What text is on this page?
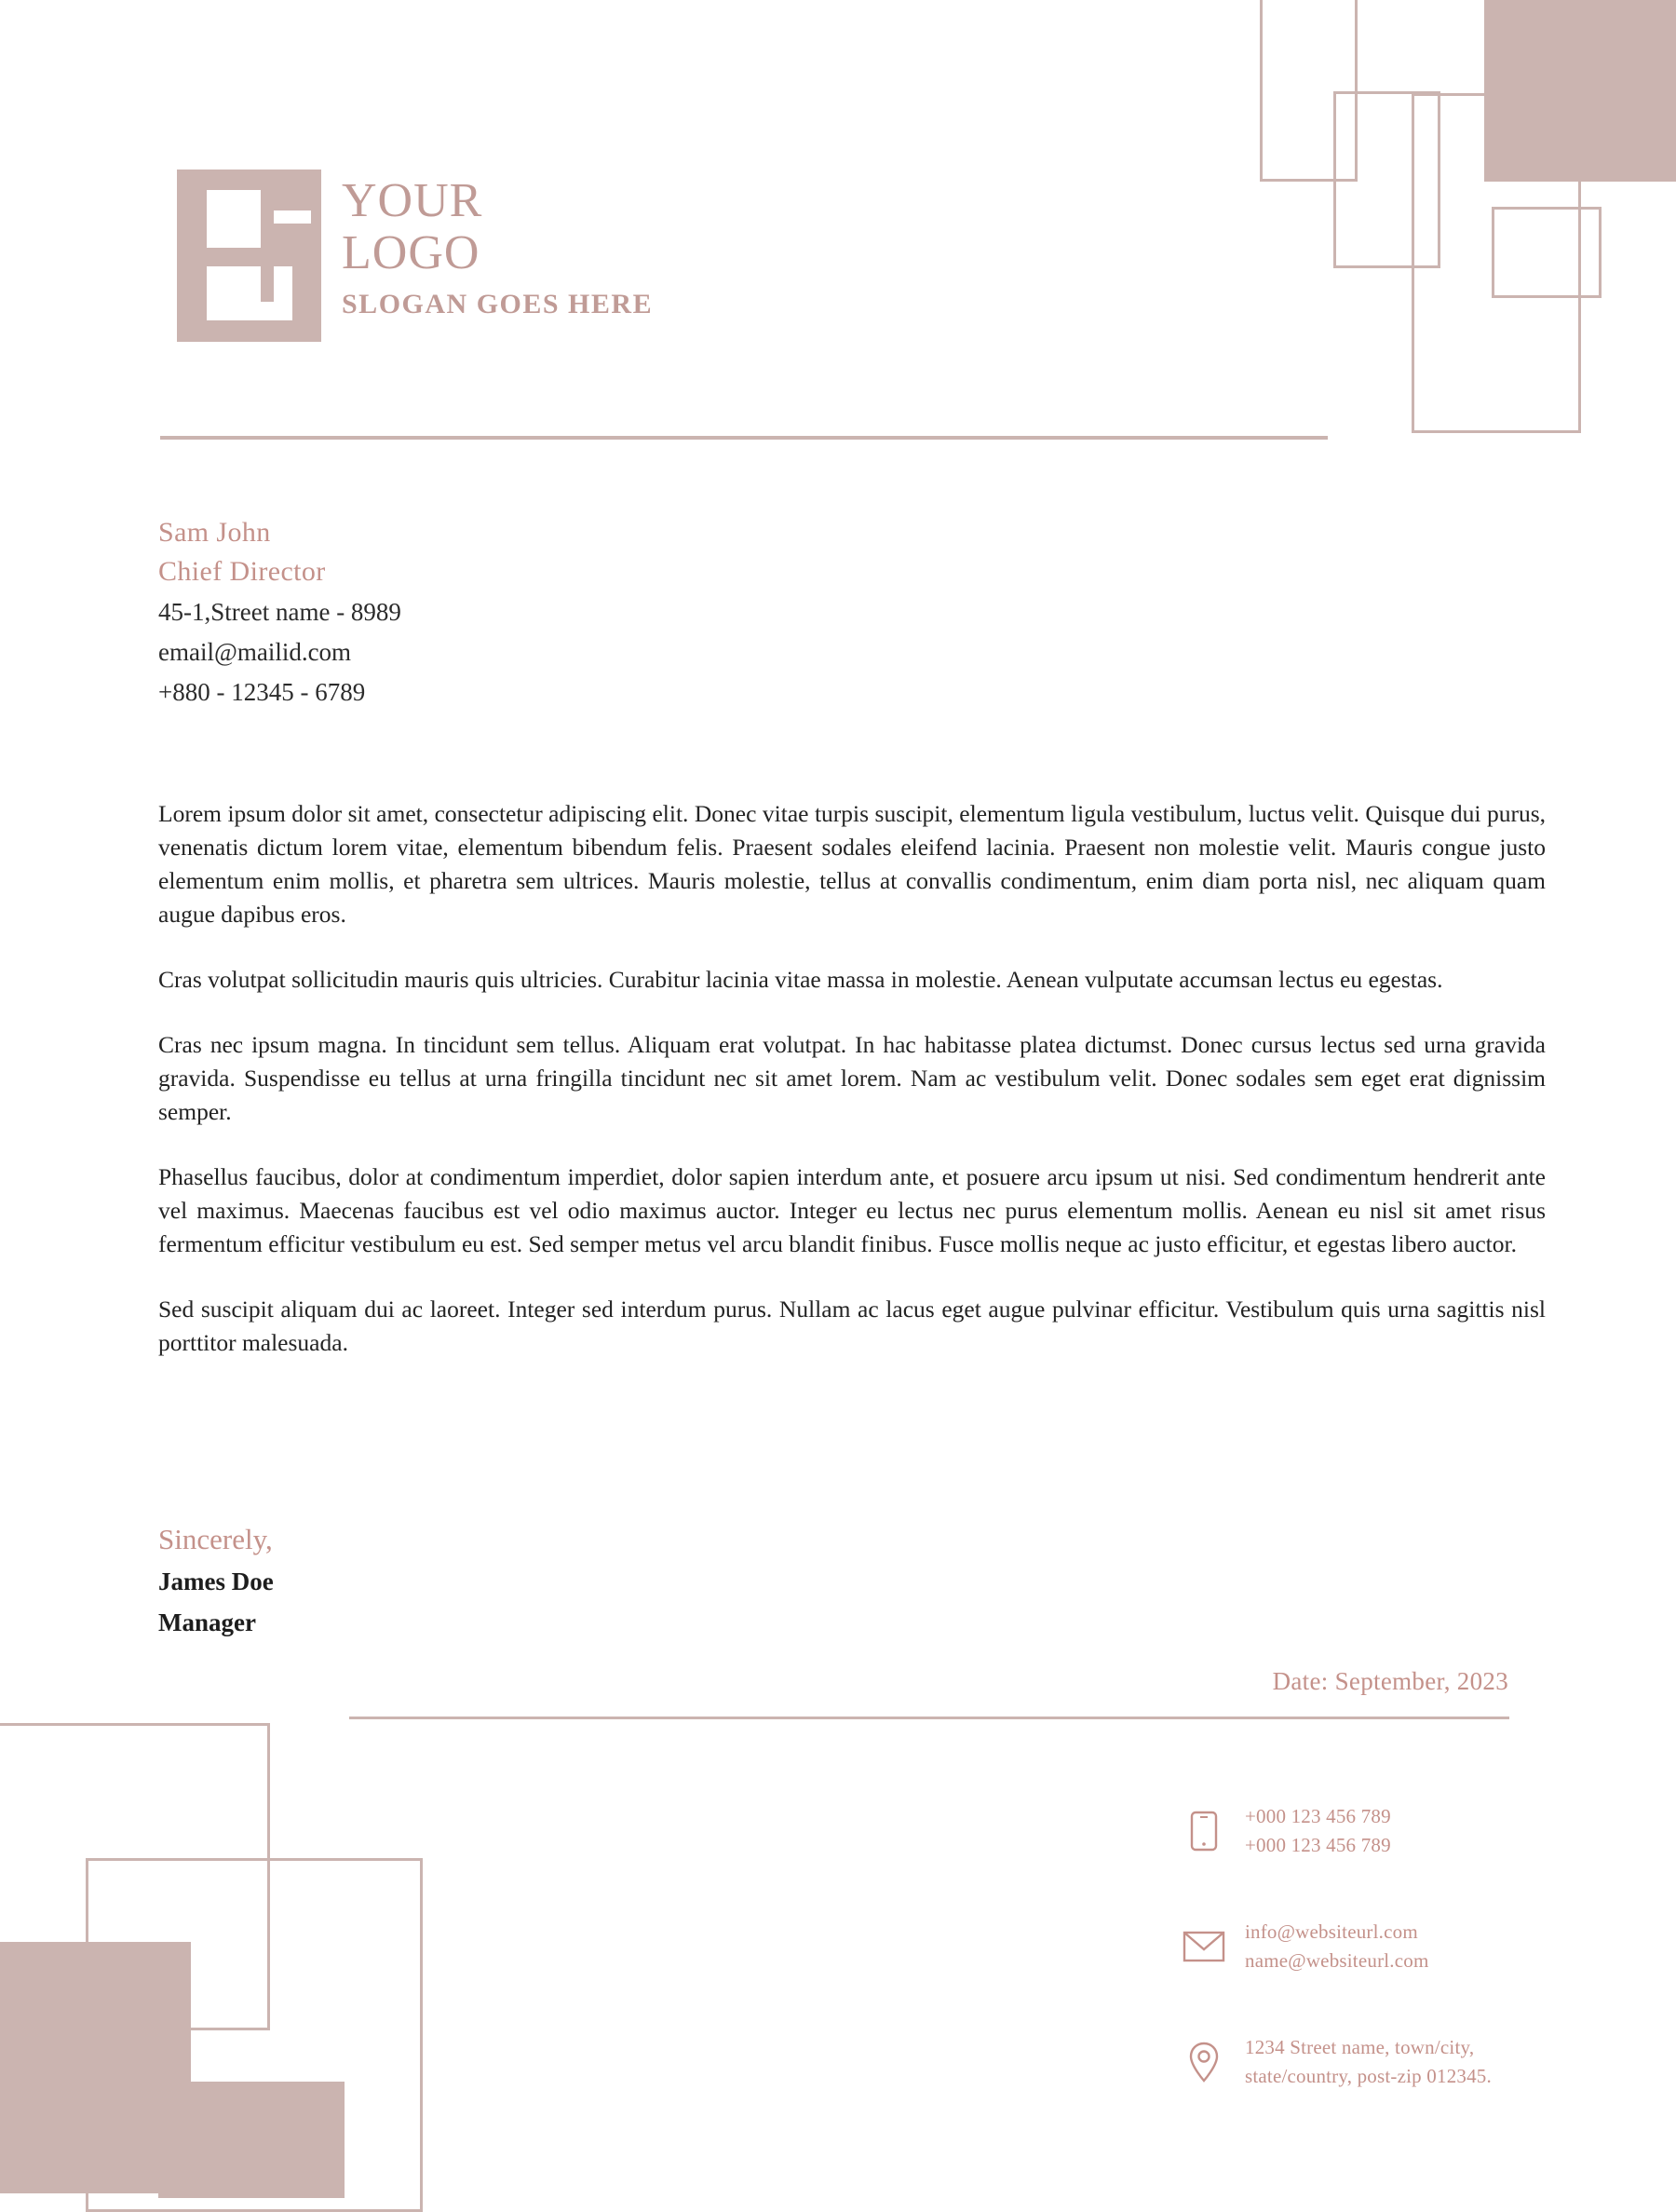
YOUR
LOGO
SLOGAN GOES HERE
Sam John
Chief Director
45-1,Street name - 8989
email@mailid.com
+880 - 12345 - 6789

Lorem ipsum dolor sit amet, consectetur adipiscing elit. Donec vitae turpis suscipit, elementum ligula vestibulum, luctus velit. Quisque dui purus, venenatis dictum lorem vitae, elementum bibendum felis. Praesent sodales eleifend lacinia. Praesent non molestie velit. Mauris congue justo elementum enim mollis, et pharetra sem ultrices. Mauris molestie, tellus at convallis condimentum, enim diam porta nisl, nec aliquam quam augue dapibus eros.

Cras volutpat sollicitudin mauris quis ultricies. Curabitur lacinia vitae massa in molestie. Aenean vulputate accumsan lectus eu egestas.

Cras nec ipsum magna. In tincidunt sem tellus. Aliquam erat volutpat. In hac habitasse platea dictumst. Donec cursus lectus sed urna gravida gravida. Suspendisse eu tellus at urna fringilla tincidunt nec sit amet lorem. Nam ac vestibulum velit. Donec sodales sem eget erat dignissim semper.

Phasellus faucibus, dolor at condimentum imperdiet, dolor sapien interdum ante, et posuere arcu ipsum ut nisi. Sed condimentum hendrerit ante vel maximus. Maecenas faucibus est vel odio maximus auctor. Integer eu lectus nec purus elementum mollis. Aenean eu nisl sit amet risus fermentum efficitur vestibulum eu est. Sed semper metus vel arcu blandit finibus. Fusce mollis neque ac justo efficitur, et egestas libero auctor.

Sed suscipit aliquam dui ac laoreet. Integer sed interdum purus. Nullam ac lacus eget augue pulvinar efficitur. Vestibulum quis urna sagittis nisl porttitor malesuada.

Sincerely,
James Doe
Manager
Date: September, 2023
+000 123 456 789
+000 123 456 789
info@websiteurl.com
name@websiteurl.com
1234 Street name, town/city,
state/country, post-zip 012345.
